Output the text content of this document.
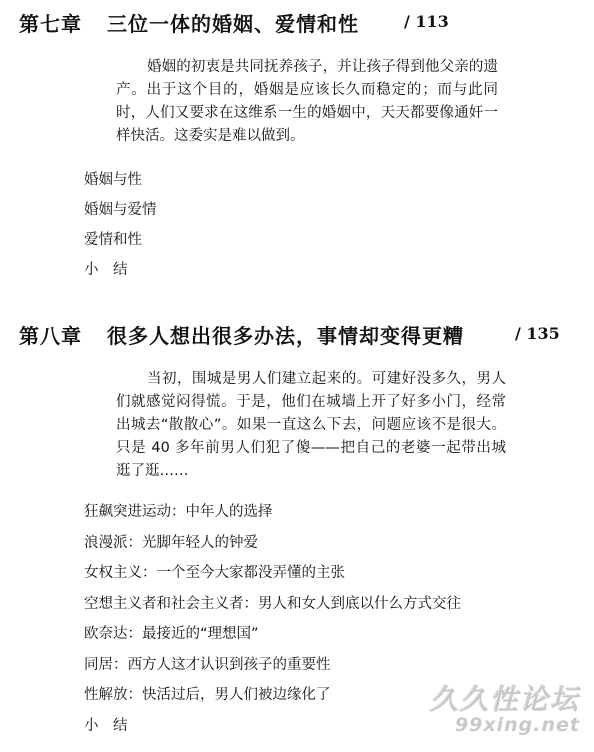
第七章 三位一体的婚姻、爱情和性	/ 113

婚姻的初衷是共同抚养孩子，并让孩子得到他父亲的遗产。出于这个目的，婚姻是应该长久而稳定的；而与此同时，人们又要求在这维系一生的婚姻中，天天都要像通奸一样快活。这委实是难以做到。

婚姻与性
婚姻与爱情
爱情和性
小　结
第八章 很多人想出很多办法，事情却变得更糟	/ 135

当初，围城是男人们建立起来的。可建好没多久，男人们就感觉闷得慌。于是，他们在城墙上开了好多小门，经常出城去“散散心”。如果一直这么下去，问题应该不是很大。只是 40 多年前男人们犯了傻——把自己的老婆一起带出城逛了逛……

狂飙突进运动：中年人的选择
浪漫派：光脚年轻人的钟爱
女权主义：一个至今大家都没弄懂的主张
空想主义者和社会主义者：男人和女人到底以什么方式交往
欧奈达：最接近的“理想国”
同居：西方人这才认识到孩子的重要性
性解放：快活过后，男人们被边缘化了
小　结
久久性论坛
99xing.net
